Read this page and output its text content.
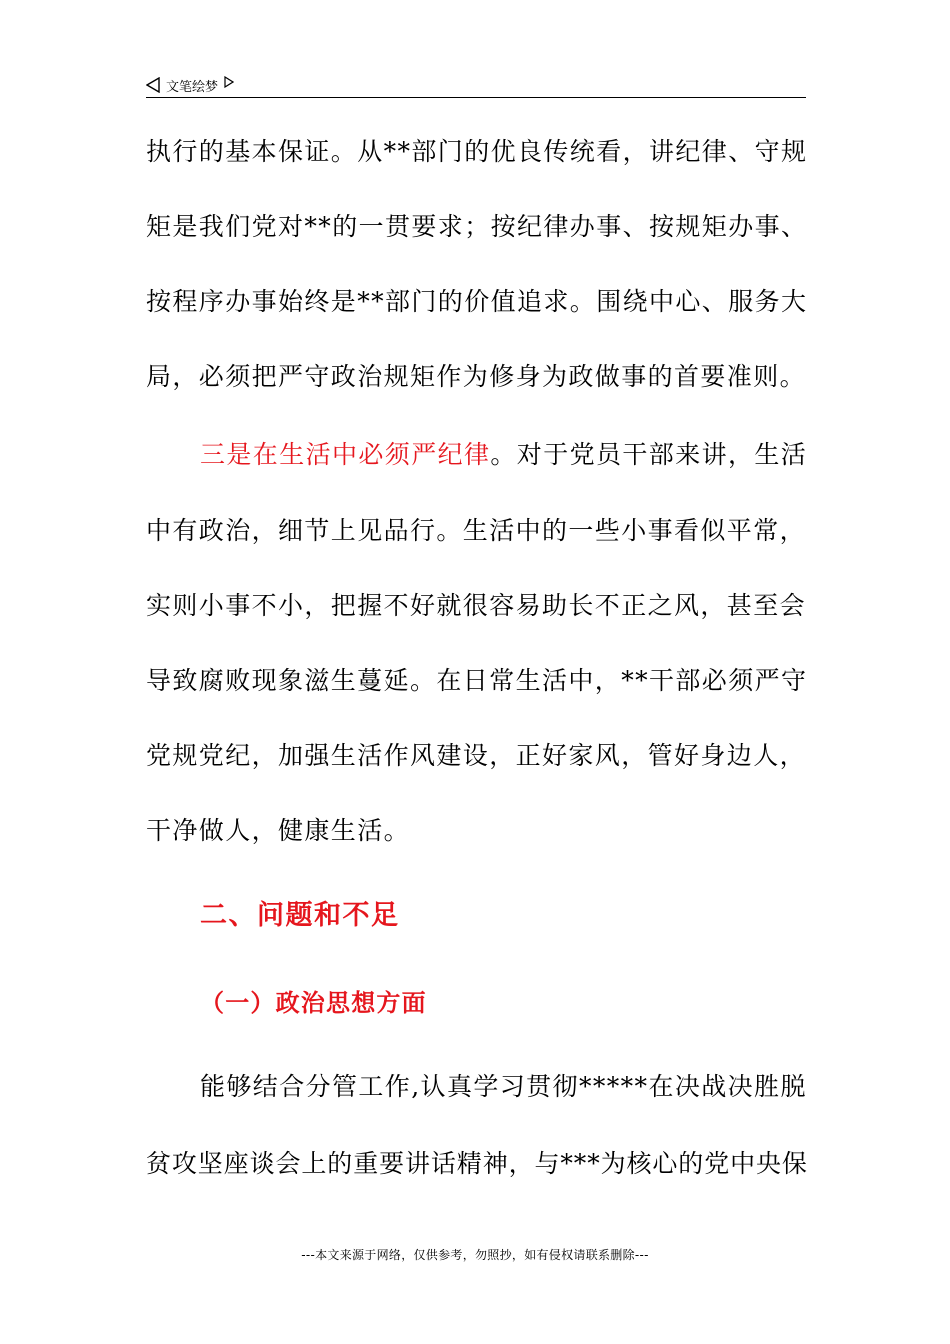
文笔绘梦
执行的基本保证。从**部门的优良传统看，讲纪律、守规
矩是我们党对**的一贯要求；按纪律办事、按规矩办事、
按程序办事始终是**部门的价值追求。围绕中心、服务大
局，必须把严守政治规矩作为修身为政做事的首要准则。
三是在生活中必须严纪律。对于党员干部来讲，生活
中有政治，细节上见品行。生活中的一些小事看似平常，
实则小事不小，把握不好就很容易助长不正之风，甚至会
导致腐败现象滋生蔓延。在日常生活中，**干部必须严守
党规党纪，加强生活作风建设，正好家风，管好身边人，
干净做人，健康生活。
二、问题和不足
（一）政治思想方面
能够结合分管工作,认真学习贯彻*****在决战决胜脱
贫攻坚座谈会上的重要讲话精神，与***为核心的党中央保
---本文来源于网络，仅供参考，勿照抄，如有侵权请联系删除---
